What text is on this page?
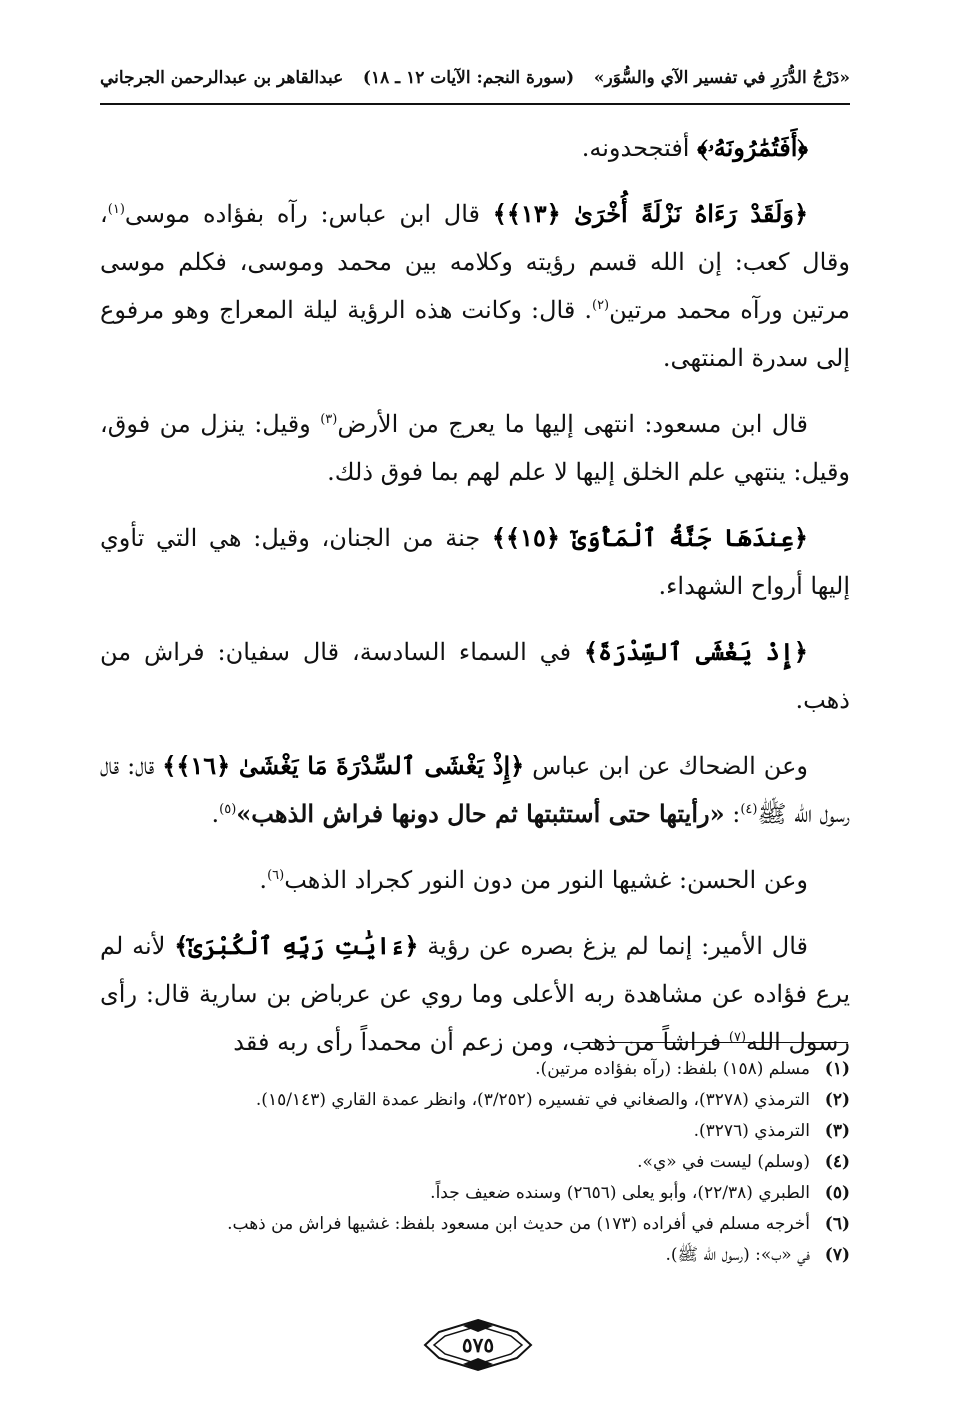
«دَرْجُ الدُّرَرِ في تفسير الآي والسُّوَر»
(سورة النجم: الآيات ١٢ ـ ١٨)
عبدالقاهر بن عبدالرحمن الجرجاني

﴿أَفَتُمَٰرُونَهُۥ﴾ أفتجحدونه.

﴿وَلَقَدْ رَءَاهُ نَزْلَةً أُخْرَىٰ ﴿١٣﴾﴾ قال ابن عباس: رآه بفؤاده موسى$^{(١)}$، وقال كعب: إن الله قسم رؤيته وكلامه بين محمد وموسى، فكلم موسى مرتين ورآه محمد مرتين$^{(٢)}$. قال: وكانت هذه الرؤية ليلة المعراج وهو مرفوع إلى سدرة المنتهى.

قال ابن مسعود: انتهى إليها ما يعرج من الأرض$^{(٣)}$ وقيل: ينزل من فوق، وقيل: ينتهي علم الخلق إليها لا علم لهم بما فوق ذلك.

﴿عِندَهَا جَنَّةُ ٱلْمَأْوَىٰٓ ﴿١٥﴾﴾ جنة من الجنان، وقيل: هي التي تأوي إليها أرواح الشهداء.

﴿إِذْ يَغْشَى ٱلسِّدْرَةَ﴾ في السماء السادسة، قال سفيان: فراش من ذهب.

وعن الضحاك عن ابن عباس ﴿إِذْ يَغْشَى ٱلسِّدْرَةَ مَا يَغْشَىٰ ﴿١٦﴾﴾ قال: قال رسول الله ﷺ$^{(٤)}$: «رأيتها حتى أستثبتها ثم حال دونها فراش الذهب»$^{(٥)}$.

وعن الحسن: غشيها النور من دون النور كجراد الذهب$^{(٦)}$.

قال الأمير: إنما لم يزغ بصره عن رؤية ﴿ءَايَٰتِ رَبِّهِ ٱلْكُبْرَىٰٓ﴾ لأنه لم يرع فؤاده عن مشاهدة ربه الأعلى وما روي عن عرباض بن سارية قال: رأى رسول الله$^{(٧)}$ فراشاً من ذهب، ومن زعم أن محمداً رأى ربه فقد

(١)مسلم (١٥٨) بلفظ: (رآه بفؤاده مرتين).
(٢)الترمذي (٣٢٧٨)، والصغاني في تفسيره (٣/٢٥٢)، وانظر عمدة القاري (١٥/١٤٣).
(٣)الترمذي (٣٢٧٦).
(٤)(وسلم) ليست في «ي».
(٥)الطبري (٢٢/٣٨)، وأبو يعلى (٢٦٥٦) وسنده ضعيف جداً.
(٦)أخرجه مسلم في أفراده (١٧٣) من حديث ابن مسعود بلفظ: غشيها فراش من ذهب.
(٧)في «ب»: (رسول الله ﷺ).
٥٧٥
